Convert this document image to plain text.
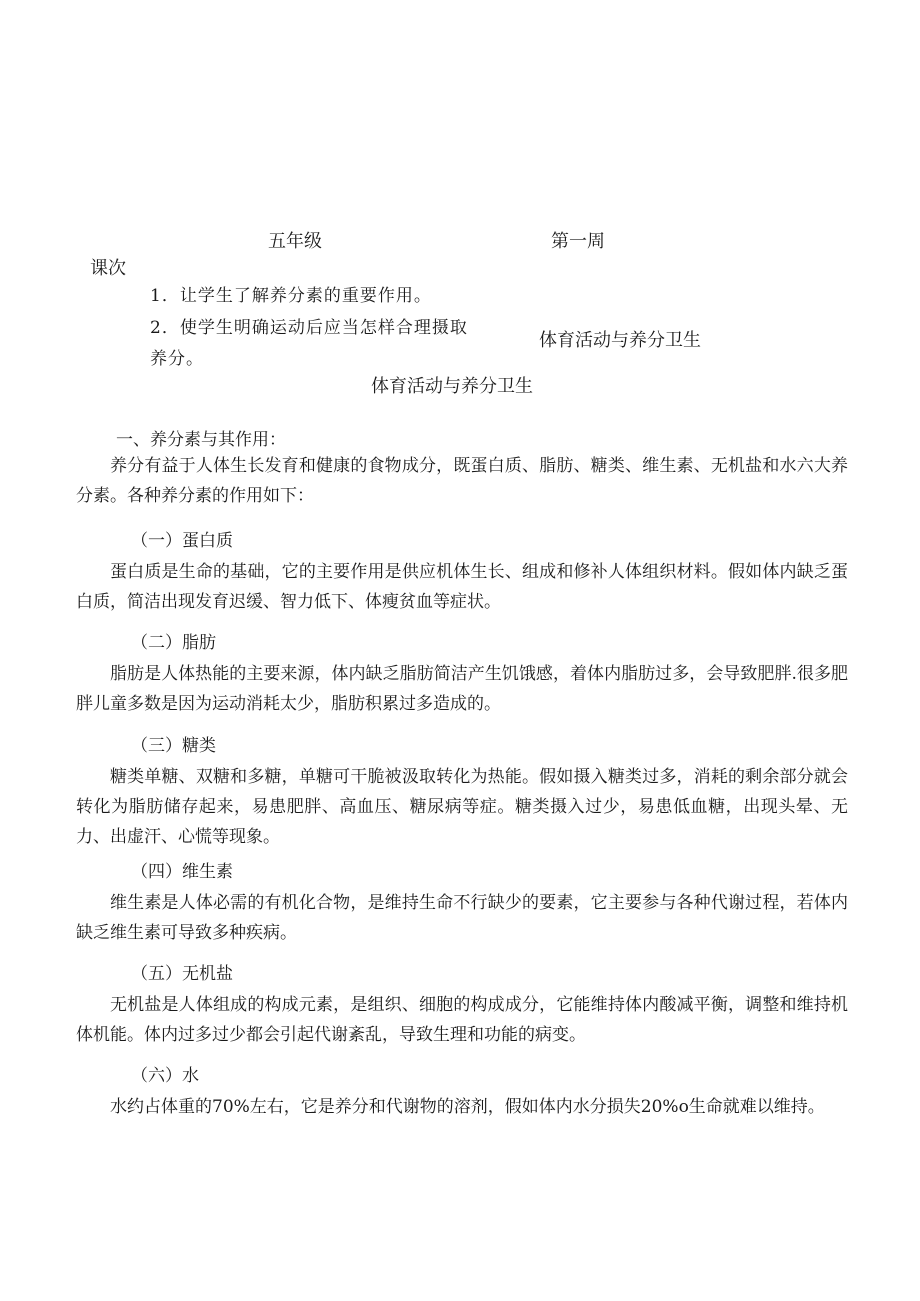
五年级	第一周
课次
1．让学生了解养分素的重要作用。
2．使学生明确运动后应当怎样合理摄取
养分。
体育活动与养分卫生
体育活动与养分卫生
一、养分素与其作用：

养分有益于人体生长发育和健康的食物成分，既蛋白质、脂肪、糖类、维生素、无机盐和水六大养分素。各种养分素的作用如下：

（一）蛋白质

蛋白质是生命的基础，它的主要作用是供应机体生长、组成和修补人体组织材料。假如体内缺乏蛋白质，简洁出现发育迟缓、智力低下、体瘦贫血等症状。

（二）脂肪

脂肪是人体热能的主要来源，体内缺乏脂肪简洁产生饥饿感，着体内脂肪过多，会导致肥胖.很多肥胖儿童多数是因为运动消耗太少，脂肪积累过多造成的。

（三）糖类

糖类单糖、双糖和多糖，单糖可干脆被汲取转化为热能。假如摄入糖类过多，消耗的剩余部分就会转化为脂肪储存起来，易患肥胖、高血压、糖尿病等症。糖类摄入过少，易患低血糖，出现头晕、无力、出虚汗、心慌等现象。

（四）维生素

维生素是人体必需的有机化合物，是维持生命不行缺少的要素，它主要参与各种代谢过程，若体内缺乏维生素可导致多种疾病。

（五）无机盐

无机盐是人体组成的构成元素，是组织、细胞的构成成分，它能维持体内酸减平衡，调整和维持机体机能。体内过多过少都会引起代谢紊乱，导致生理和功能的病变。

（六）水

水约占体重的70%左右，它是养分和代谢物的溶剂，假如体内水分损失20%o生命就难以维持。
